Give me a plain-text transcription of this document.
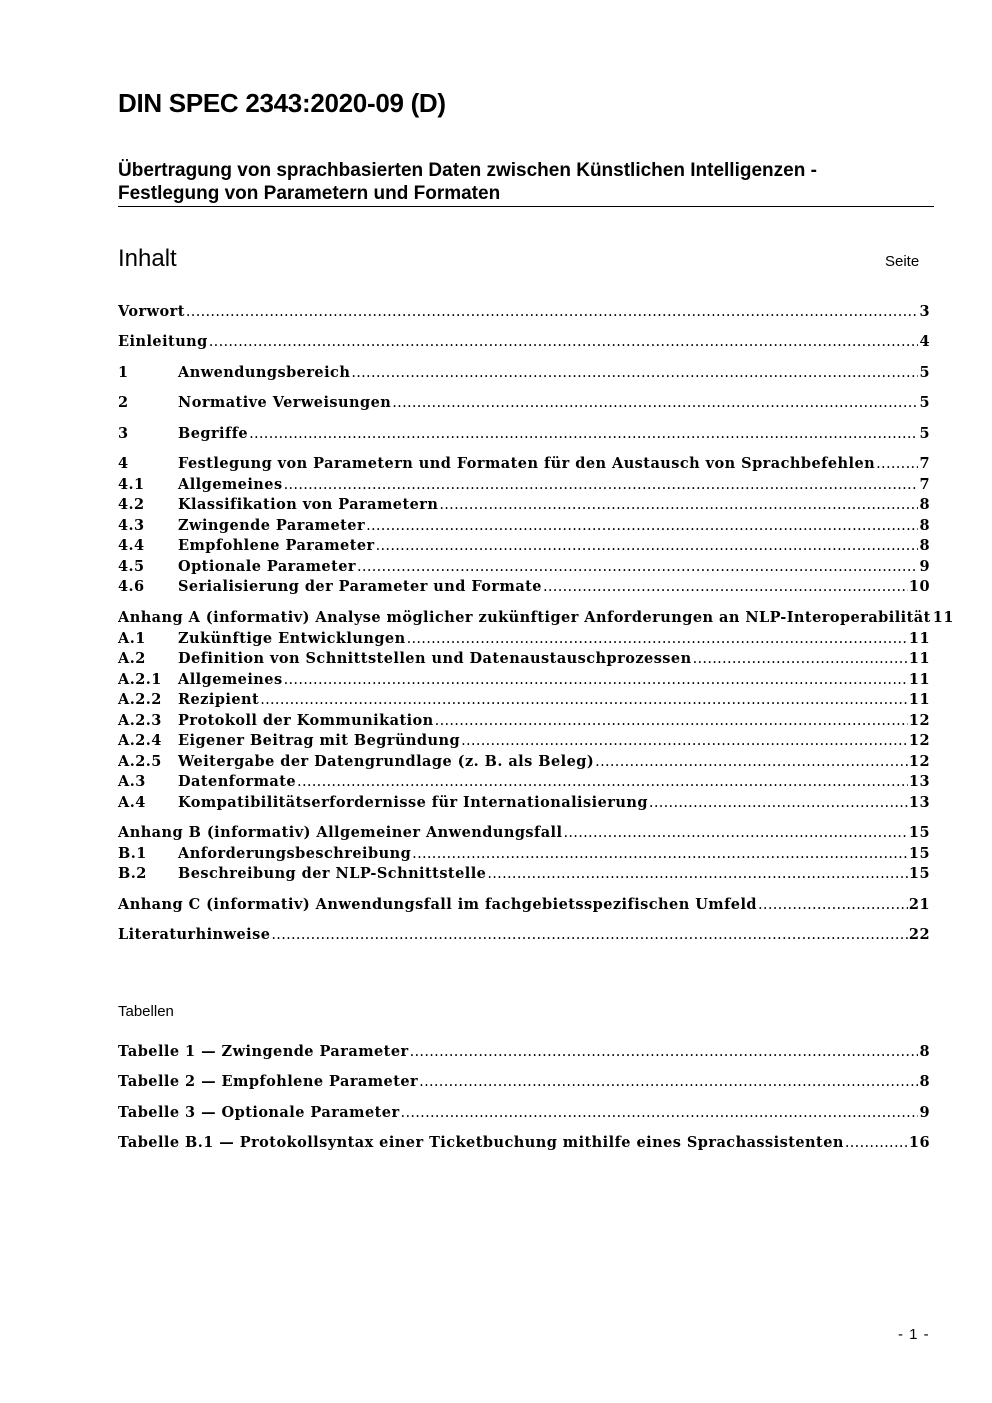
DIN SPEC 2343:2020-09 (D)
Übertragung von sprachbasierten Daten zwischen Künstlichen Intelligenzen -
Festlegung von Parametern und Formaten
Inhalt	Seite
Vorwort .....	3
Einleitung .....	4
1	Anwendungsbereich .....	5
2	Normative Verweisungen .....	5
3	Begriffe .....	5
4	Festlegung von Parametern und Formaten für den Austausch von Sprachbefehlen .....	7
4.1	Allgemeines .....	7
4.2	Klassifikation von Parametern .....	8
4.3	Zwingende Parameter .....	8
4.4	Empfohlene Parameter .....	8
4.5	Optionale Parameter .....	9
4.6	Serialisierung der Parameter und Formate .....	10
Anhang A (informativ) Analyse möglicher zukünftiger Anforderungen an NLP-Interoperabilität 11
A.1	Zukünftige Entwicklungen .....	11
A.2	Definition von Schnittstellen und Datenaustauschprozessen .....	11
A.2.1	Allgemeines .....	11
A.2.2	Rezipient .....	11
A.2.3	Protokoll der Kommunikation .....	12
A.2.4	Eigener Beitrag mit Begründung .....	12
A.2.5	Weitergabe der Datengrundlage (z. B. als Beleg) .....	12
A.3	Datenformate .....	13
A.4	Kompatibilitätserfordernisse für Internationalisierung .....	13
Anhang B (informativ) Allgemeiner Anwendungsfall .....	15
B.1	Anforderungsbeschreibung .....	15
B.2	Beschreibung der NLP-Schnittstelle .....	15
Anhang C (informativ) Anwendungsfall im fachgebietsspezifischen Umfeld .....	21
Literaturhinweise .....	22
Tabellen
Tabelle 1 — Zwingende Parameter .....	8
Tabelle 2 — Empfohlene Parameter .....	8
Tabelle 3 — Optionale Parameter .....	9
Tabelle B.1 — Protokollsyntax einer Ticketbuchung mithilfe eines Sprachassistenten .....	16
- 1 -
